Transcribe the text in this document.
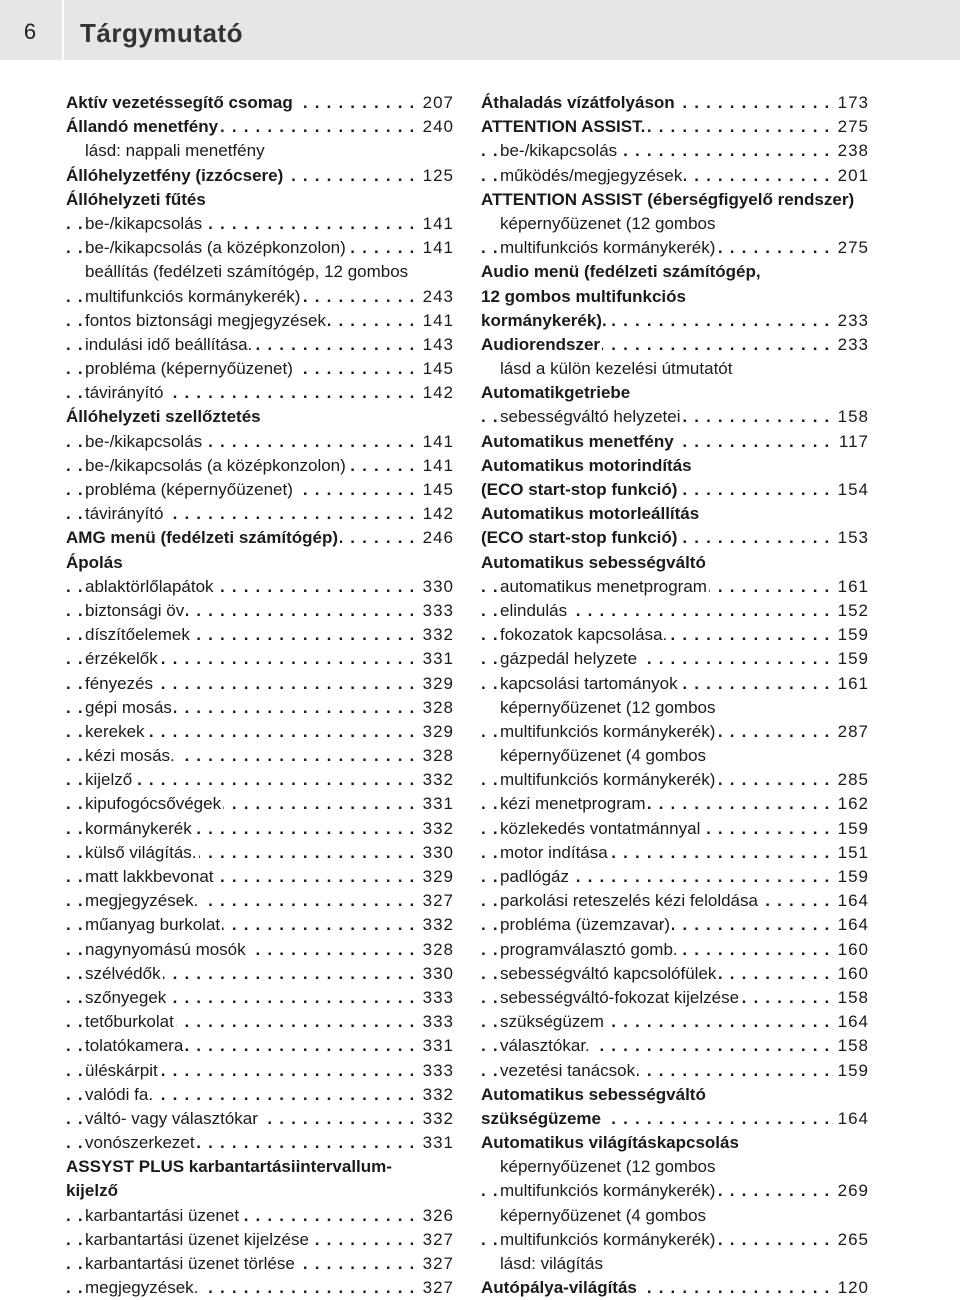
6	Tárgymutató
Aktív vezetéssegítő csomag	207
. . .
Állandó menetfény	240
. . .
lásd: nappali menetfény
Állóhelyzetfény (izzócsere)	125
. . .
Állóhelyzeti fűtés
be-/kikapcsolás	141
. . .
be-/kikapcsolás (a középkonzolon)	141
. . .
beállítás (fedélzeti számítógép, 12 gombos
multifunkciós kormánykerék)	243
. . .
fontos biztonsági megjegyzések	141
. . .
indulási idő beállítása.	143
. . .
probléma (képernyőüzenet)	145
. . .
távirányító	142
. . .
Állóhelyzeti szellőztetés
be-/kikapcsolás	141
. . .
be-/kikapcsolás (a középkonzolon)	141
. . .
probléma (képernyőüzenet)	145
. . .
távirányító	142
. . .
AMG menü (fedélzeti számítógép)	246
. . .
Ápolás
ablaktörlőlapátok	330
. . .
biztonsági öv	333
. . .
díszítőelemek	332
. . .
érzékelők	331
. . .
fényezés	329
. . .
gépi mosás	328
. . .
kerekek	329
. . .
kézi mosás.	328
. . .
kijelző	332
. . .
kipufogócsővégek	331
. . .
kormánykerék	332
. . .
külső világítás.	330
. . .
matt lakkbevonat	329
. . .
megjegyzések.	327
. . .
műanyag burkolat	332
. . .
nagynyomású mosók	328
. . .
szélvédők	330
. . .
szőnyegek	333
. . .
tetőburkolat	333
. . .
tolatókamera	331
. . .
üléskárpit	333
. . .
valódi fa.	332
. . .
váltó- vagy választókar	332
. . .
vonószerkezet	331
. . .
ASSYST PLUS karbantartásiintervallum-
kijelző
karbantartási üzenet	326
. . .
karbantartási üzenet kijelzése	327
. . .
karbantartási üzenet törlése	327
. . .
megjegyzések.	327
. . .
Áthaladás vízátfolyáson	173
. . .
ATTENTION ASSIST.	275
. . .
be-/kikapcsolás	238
. . .
működés/megjegyzések	201
. . .
ATTENTION ASSIST (éberségfigyelő rendszer)
képernyőüzenet (12 gombos
multifunkciós kormánykerék)	275
. . .
Audio menü (fedélzeti számítógép,
12 gombos multifunkciós
kormánykerék).	233
. . .
Audiorendszer	233
. . .
lásd a külön kezelési útmutatót
Automatikgetriebe
sebességváltó helyzetei	158
. . .
Automatikus menetfény	117
. . .
Automatikus motorindítás
(ECO start-stop funkció)	154
. . .
Automatikus motorleállítás
(ECO start-stop funkció)	153
. . .
Automatikus sebességváltó
automatikus menetprogram	161
. . .
elindulás	152
. . .
fokozatok kapcsolása.	159
. . .
gázpedál helyzete	159
. . .
kapcsolási tartományok	161
. . .
képernyőüzenet (12 gombos
multifunkciós kormánykerék)	287
. . .
képernyőüzenet (4 gombos
multifunkciós kormánykerék)	285
. . .
kézi menetprogram	162
. . .
közlekedés vontatmánnyal	159
. . .
motor indítása	151
. . .
padlógáz	159
. . .
parkolási reteszelés kézi feloldása	164
. . .
probléma (üzemzavar)	164
. . .
programválasztó gomb.	160
. . .
sebességváltó kapcsolófülek	160
. . .
sebességváltó-fokozat kijelzése	158
. . .
szükségüzem	164
. . .
választókar.	158
. . .
vezetési tanácsok	159
. . .
Automatikus sebességváltó
szükségüzeme	164
. . .
Automatikus világításkapcsolás
képernyőüzenet (12 gombos
multifunkciós kormánykerék)	269
. . .
képernyőüzenet (4 gombos
multifunkciós kormánykerék)	265
. . .
lásd: világítás
Autópálya-világítás	120
. . .
